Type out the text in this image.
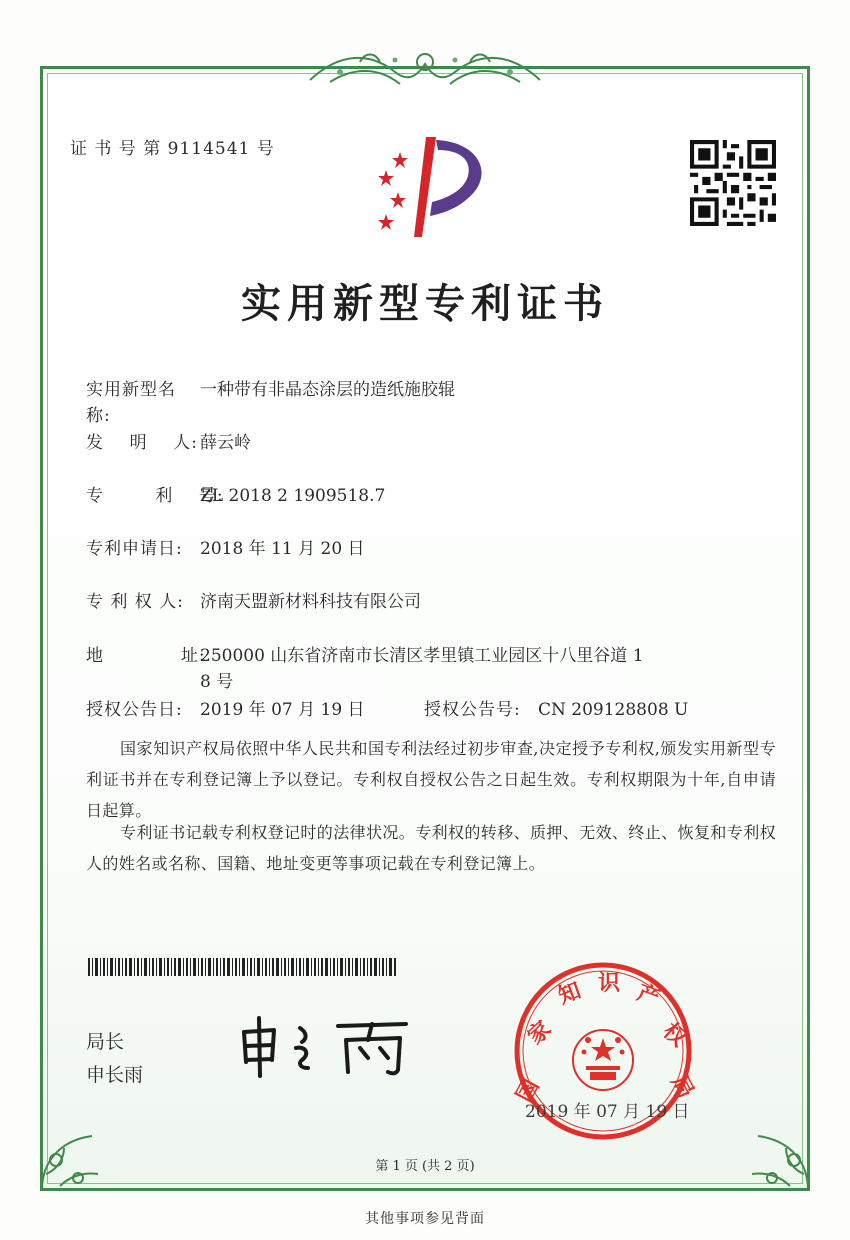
证 书 号 第 9114541 号
实用新型专利证书
实用新型名称:一种带有非晶态涂层的造纸施胶辊
发    明    人: 薛云岭
专        利    号:ZL 2018 2 1909518.7
专利申请日: 2018 年 11 月 20 日
专 利 权 人: 济南天盟新材料科技有限公司
地            址:
250000 山东省济南市长清区孝里镇工业园区十八里谷道 1
8 号
授权公告日: 2019 年 07 月 19 日	授权公告号: CN 209128808 U
国家知识产权局依照中华人民共和国专利法经过初步审查,决定授予专利权,颁发实用新型专利证书并在专利登记簿上予以登记。专利权自授权公告之日起生效。专利权期限为十年,自申请日起算。
专利证书记载专利权登记时的法律状况。专利权的转移、质押、无效、终止、恢复和专利权人的姓名或名称、国籍、地址变更等事项记载在专利登记簿上。
局长
申长雨
国
家
知 识 产
权
局
2019 年 07 月 19 日
第 1 页 (共 2 页)
其他事项参见背面
